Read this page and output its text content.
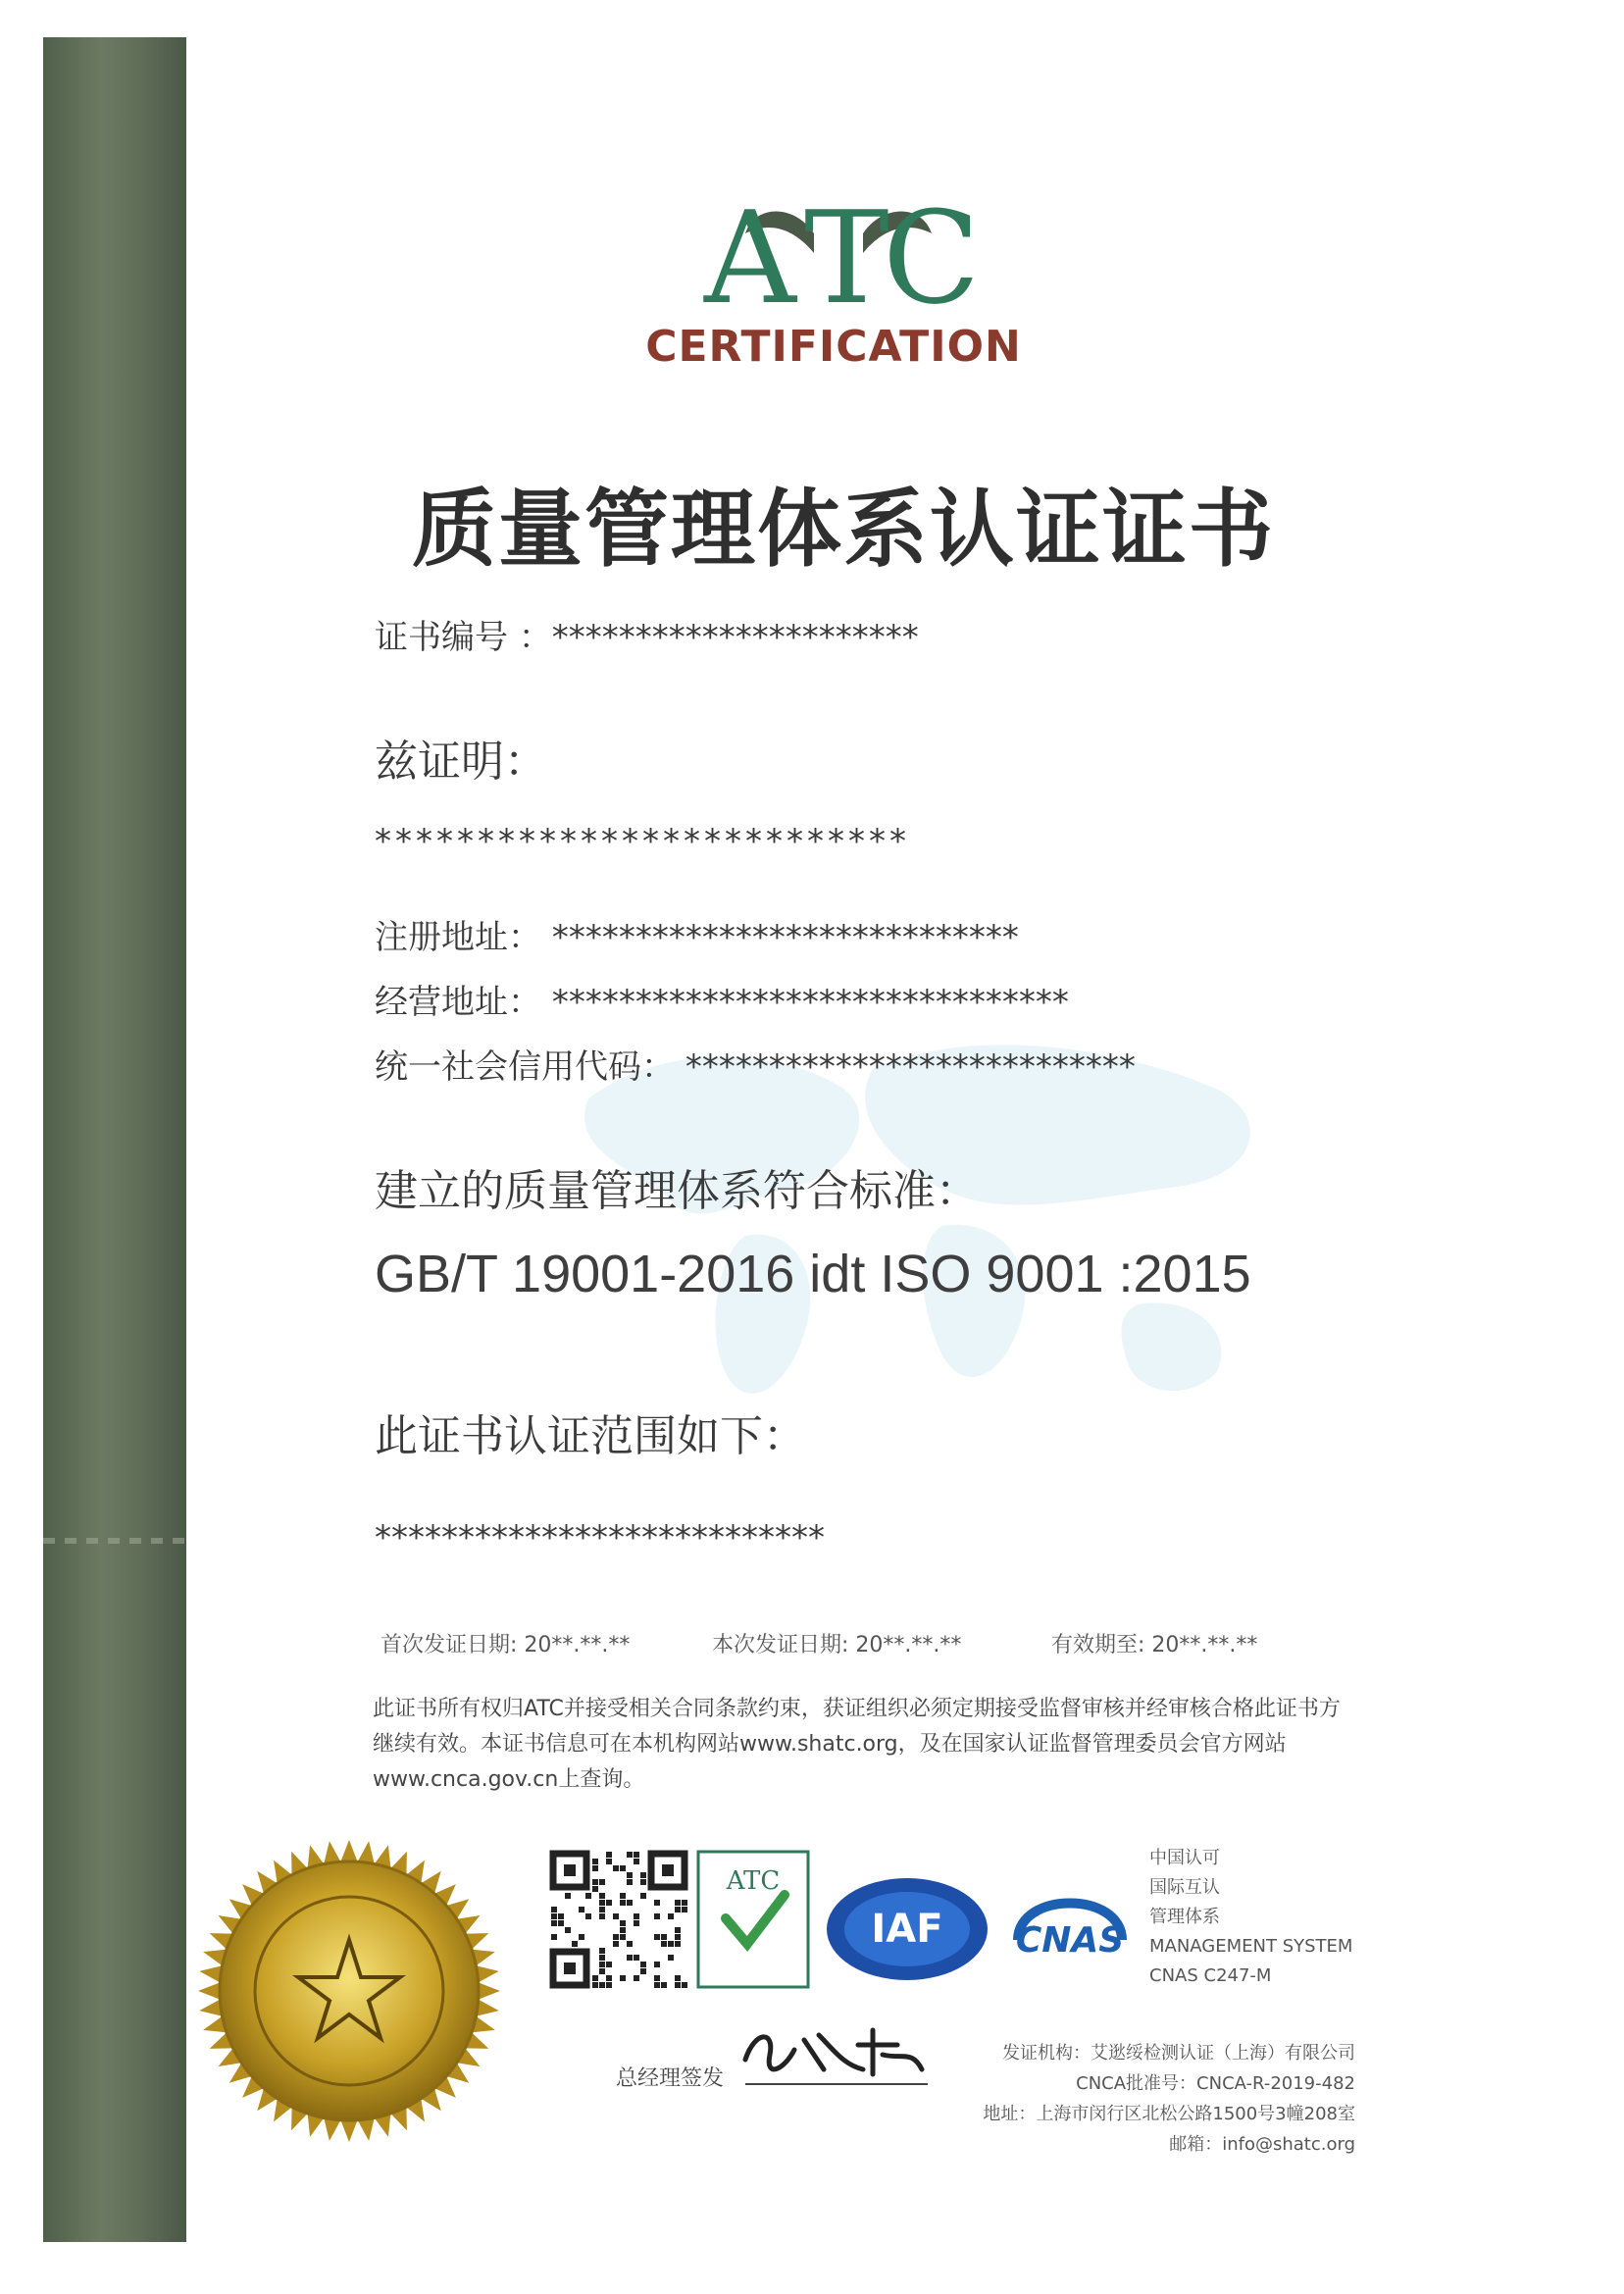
A T
C
CERTIFICATION
质量管理体系认证证书
证书编号 ：**********************
兹证明：
**************************
注册地址： ****************************
经营地址： *******************************
统一社会信用代码： ***************************
建立的质量管理体系符合标准：
GB/T 19001-2016 idt ISO 9001 :2015
此证书认证范围如下：
***************************
首次发证日期: 20**.**.**	本次发证日期: 20**.**.**	有效期至: 20**.**.**
此证书所有权归ATC并接受相关合同条款约束，获证组织必须定期接受监督审核并经审核合格此证书方继续有效。本证书信息可在本机构网站www.shatc.org，及在国家认证监督管理委员会官方网站www.cnca.gov.cn上查询。
ATC
IAF CNAS
中国认可
国际互认
管理体系
MANAGEMENT SYSTEM
CNAS C247-M
总经理签发
发证机构：艾逖绥检测认证（上海）有限公司
CNCA批准号：CNCA-R-2019-482
地址：上海市闵行区北松公路1500号3幢208室
邮箱：info@shatc.org
